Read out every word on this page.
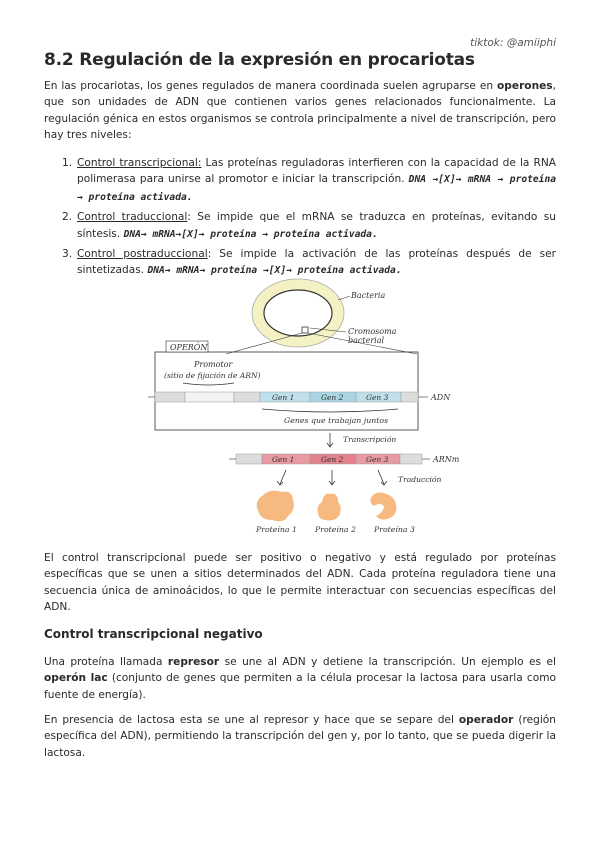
tiktok: @amiiphi
8.2 Regulación de la expresión en procariotas

En las procariotas, los genes regulados de manera coordinada suelen agruparse en operones, que son unidades de ADN que contienen varios genes relacionados funcionalmente. La regulación génica en estos organismos se controla principalmente a nivel de transcripción, pero hay tres niveles:

1. Control transcripcional: Las proteínas reguladoras interfieren con la capacidad de la RNA polimerasa para unirse al promotor e iniciar la transcripción. DNA →[X]→ mRNA → proteína → proteína activada.
2. Control traduccional: Se impide que el mRNA se traduzca en proteínas, evitando su síntesis. DNA→ mRNA→[X]→ proteína → proteína activada.
3. Control postraduccional: Se impide la activación de las proteínas después de ser sintetizadas. DNA→ mRNA→ proteína →[X]→ proteína activada.
Bacteria
Cromosoma
bacterial
OPERÓN
Promotor
(sitio de fijación de ARN)
Gen 1	Gen 2	Gen 3	ADN
Genes que trabajan juntos
Transcripción
Gen 1	Gen 2	Gen 3	ARNm
Traducción
Proteína 1 Proteína 2 Proteína 3

El control transcripcional puede ser positivo o negativo y está regulado por proteínas específicas que se unen a sitios determinados del ADN. Cada proteína reguladora tiene una secuencia única de aminoácidos, lo que le permite interactuar con secuencias específicas del ADN.

Control transcripcional negativo

Una proteína llamada represor se une al ADN y detiene la transcripción. Un ejemplo es el operón lac (conjunto de genes que permiten a la célula procesar la lactosa para usarla como fuente de energía).

En presencia de lactosa esta se une al represor y hace que se separe del operador (región específica del ADN), permitiendo la transcripción del gen y, por lo tanto, que se pueda digerir la lactosa.
